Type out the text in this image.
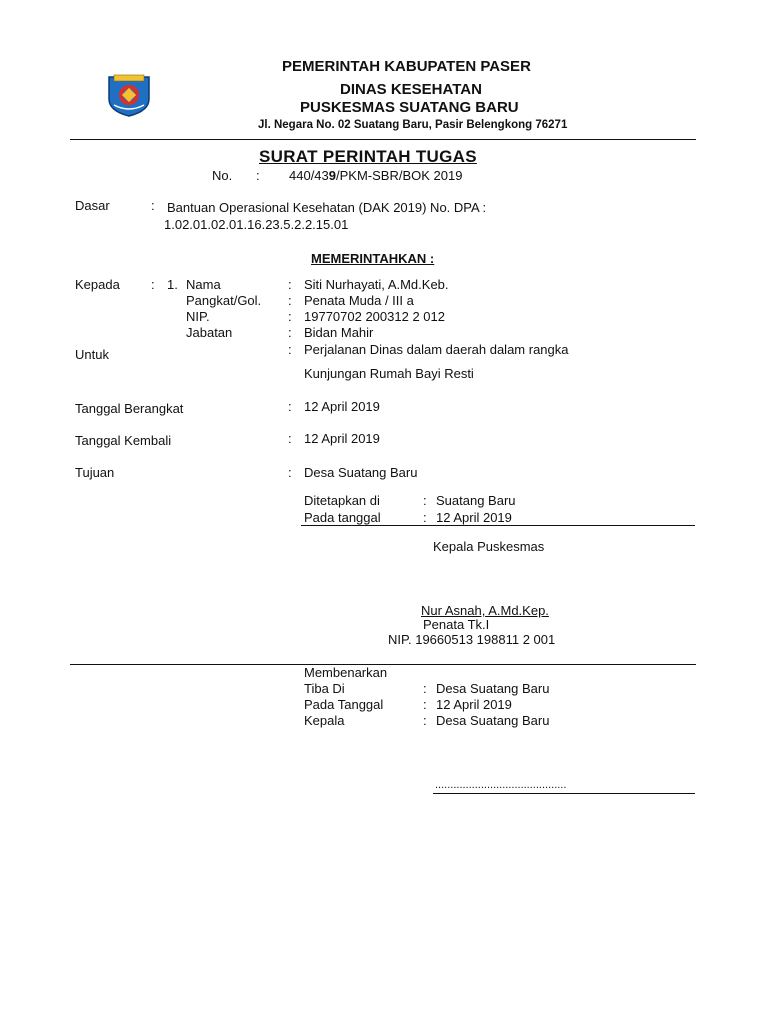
PEMERINTAH KABUPATEN PASER
DINAS KESEHATAN
PUSKESMAS SUATANG BARU
Jl. Negara No. 02 Suatang Baru, Pasir Belengkong 76271
SURAT PERINTAH TUGAS
No. : 440/439/PKM-SBR/BOK 2019
Dasar	: Bantuan Operasional Kesehatan (DAK 2019) No. DPA :
1.02.01.02.01.16.23.5.2.2.15.01
MEMERINTAHKAN :
Kepada : 1. Nama	: Siti Nurhayati, A.Md.Keb.
Pangkat/Gol. : Penata Muda / III a
NIP.	: 19770702 200312 2 012
Jabatan	: Bidan Mahir
Untuk	: Perjalanan Dinas dalam daerah dalam rangka
Kunjungan Rumah Bayi Resti
Tanggal Berangkat	: 12 April 2019
Tanggal Kembali	: 12 April 2019
Tujuan	: Desa Suatang Baru
Ditetapkan di	: Suatang Baru
Pada tanggal	: 12 April 2019
Kepala Puskesmas
Nur Asnah, A.Md.Kep.
Penata Tk.I
NIP. 19660513 198811 2 001
Membenarkan
Tiba Di	: Desa Suatang Baru
Pada Tanggal	: 12 April 2019
Kepala	: Desa Suatang Baru
...........................................
